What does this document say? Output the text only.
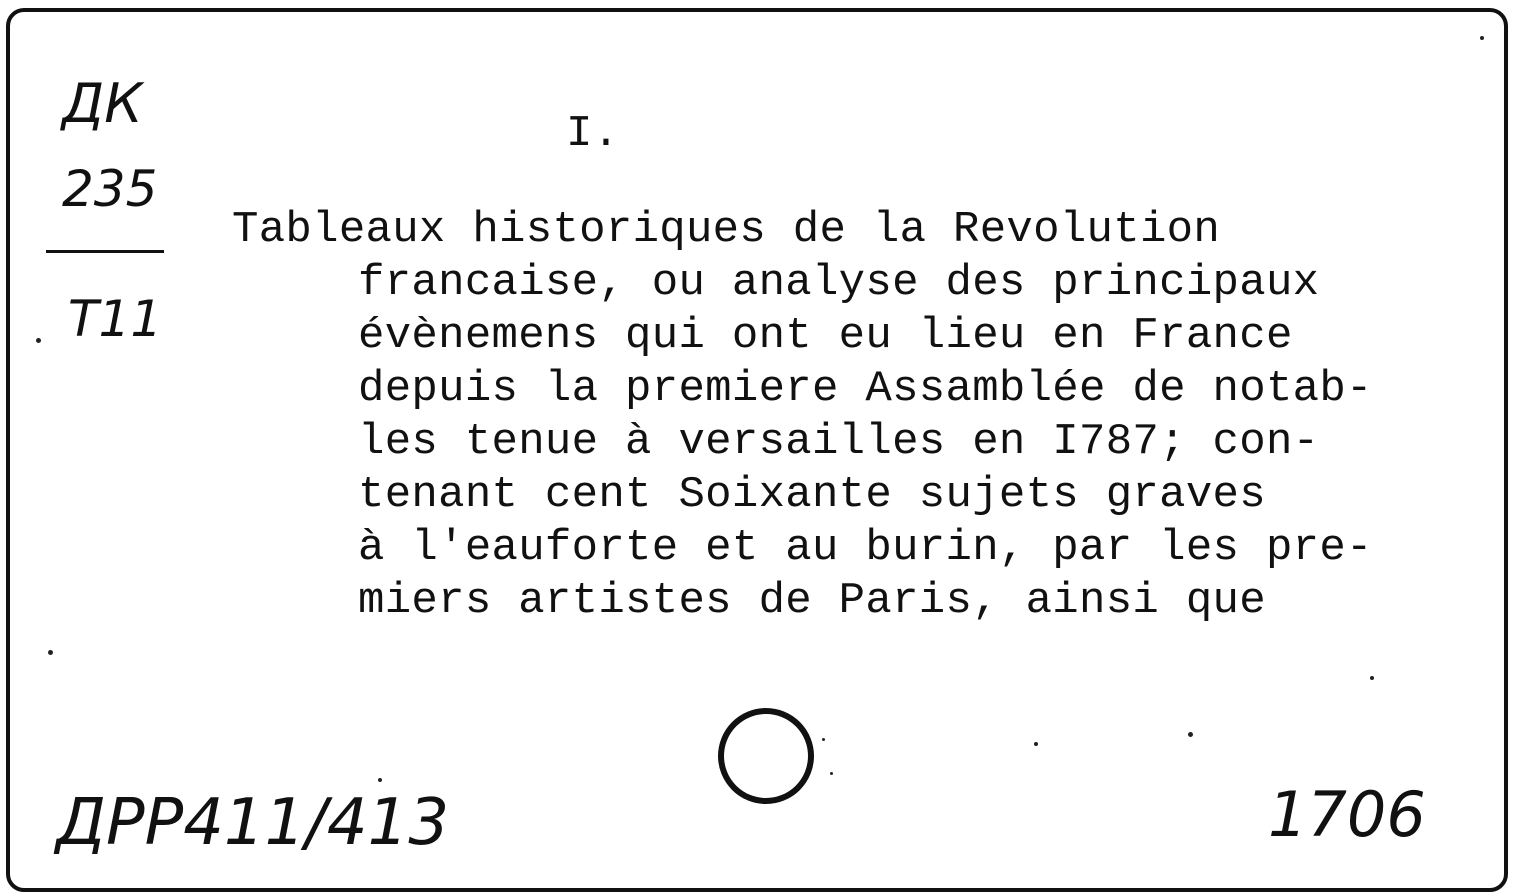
ДК
235
Т11
I.
Tableaux historiques de la Revolution
francaise, ou analyse des principaux
évènemens qui ont eu lieu en France
depuis la premiere Assamblée de notab-
les tenue à versailles en I787; con-
tenant cent Soixante sujets graves
à l'eauforte et au burin, par les pre-
miers artistes de Paris, ainsi que
ДРР411/413	1706
